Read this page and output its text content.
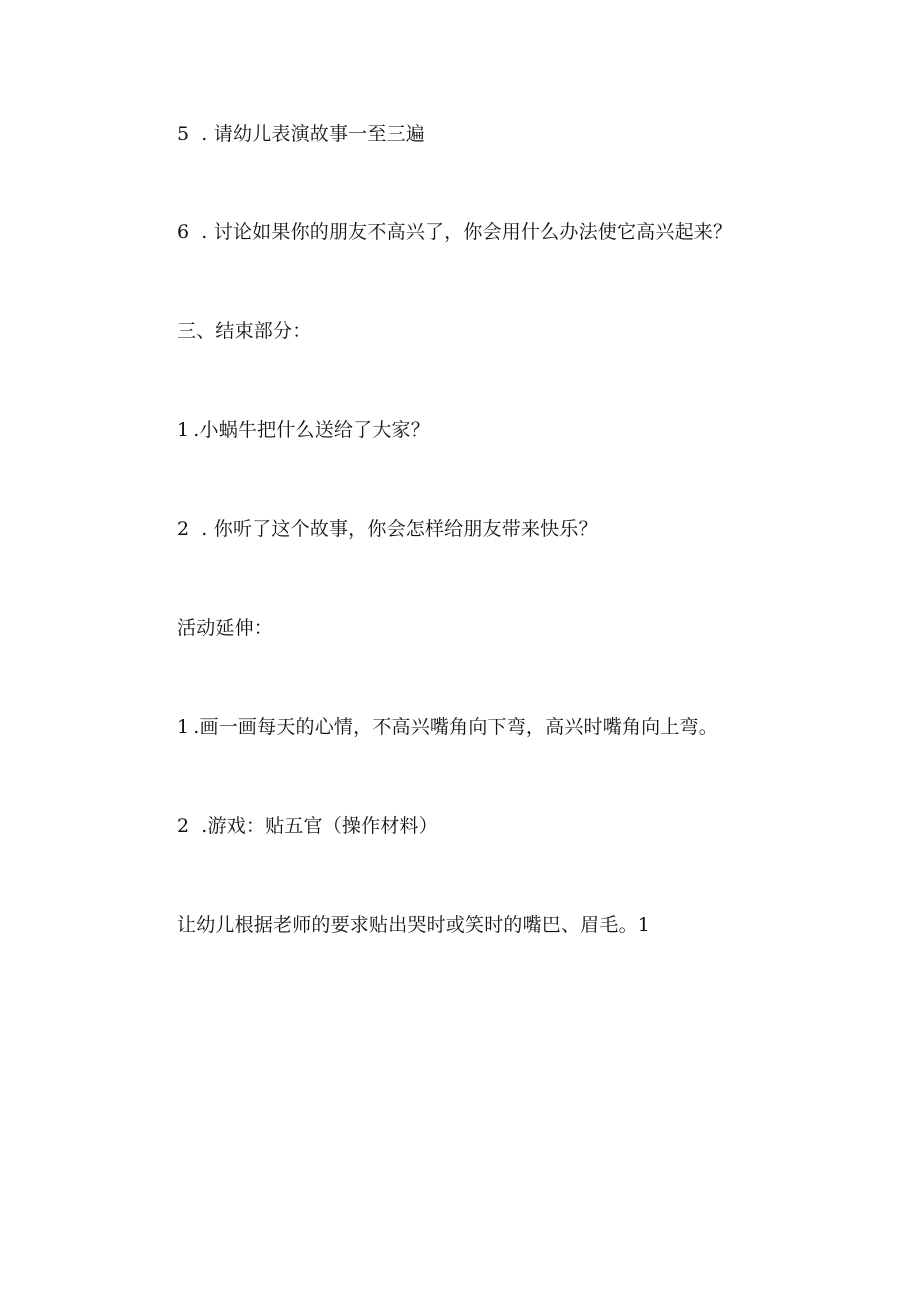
5 . 请幼儿表演故事一至三遍
6 . 讨论如果你的朋友不高兴了，你会用什么办法使它高兴起来？
三、结束部分：
1 .小蜗牛把什么送给了大家？
2 . 你听了这个故事，你会怎样给朋友带来快乐？
活动延伸：
1 .画一画每天的心情，不高兴嘴角向下弯，高兴时嘴角向上弯。
2 .游戏：贴五官（操作材料）
让幼儿根据老师的要求贴出哭时或笑时的嘴巴、眉毛。1
